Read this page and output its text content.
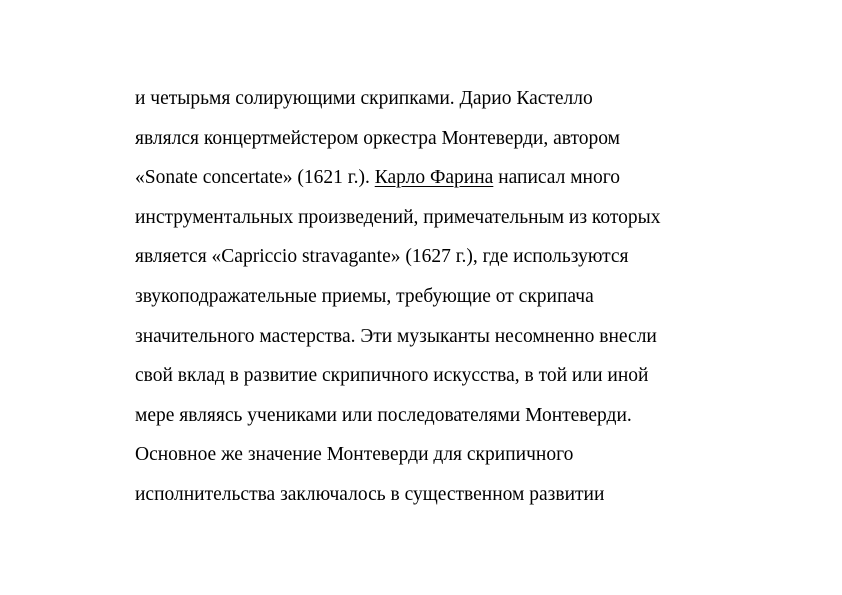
и четырьмя солирующими скрипками. Дарио Кастелло
являлся концертмейстером оркестра Монтеверди, автором
«Sonate concertate» (1621 г.). Карло Фарина написал много
инструментальных произведений, примечательным из которых
является «Capriccio stravagante» (1627 г.), где используются
звукоподражательные приемы, требующие от скрипача
значительного мастерства. Эти музыканты несомненно внесли
свой вклад в развитие скрипичного искусства, в той или иной
мере являясь учениками или последователями Монтеверди.
Основное же значение Монтеверди для скрипичного
исполнительства заключалось в существенном развитии
